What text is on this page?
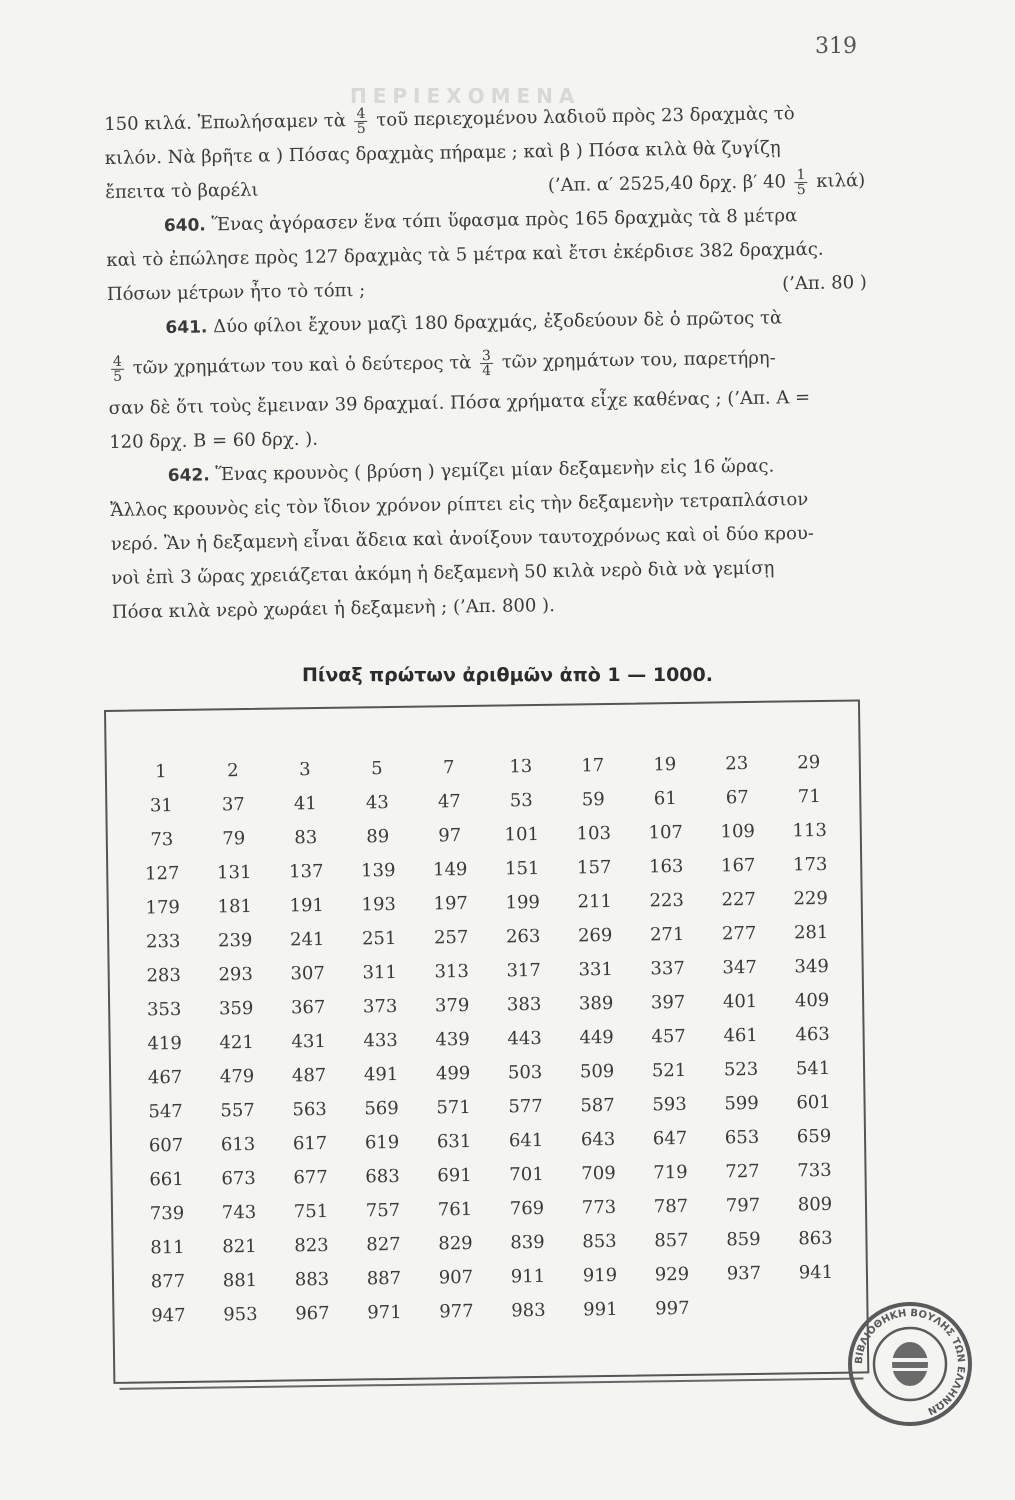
319
ΠΕΡΙΕΧΟΜΕΝΑ
150 κιλά. Ἐπωλήσαμεν τὰ $\frac{4}{5}$ τοῦ περιεχομένου λαδιοῦ πρὸς 23 δραχμὰς τὸ
κιλόν. Νὰ βρῆτε α ) Πόσας δραχμὰς πήραμε ; καὶ β ) Πόσα κιλὰ θὰ ζυγίζῃ
ἔπειτα τὸ βαρέλι	(’Απ. α′ 2525,40 δρχ. β′ $40 \frac{1}{5} \kappa\iota\lambda ά$)
640. Ἕνας ἀγόρασεν ἕνα τόπι ὕφασμα πρὸς 165 δραχμὰς τὰ 8 μέτρα
καὶ τὸ ἐπώλησε πρὸς 127 δραχμὰς τὰ 5 μέτρα καὶ ἔτσι ἐκέρδισε 382 δραχμάς.
Πόσων μέτρων ἦτο τὸ τόπι ;	(’Απ. 80 )
641. Δύο φίλοι ἔχουν μαζὶ 180 δραχμάς, ἐξοδεύουν δὲ ὁ πρῶτος τὰ
$\frac{4}{5}$ τῶν χρημάτων του καὶ ὁ δεύτερος τὰ $\frac{3}{4}$ τῶν χρημάτων του, παρετήρη-
σαν δὲ ὅτι τοὺς ἔμειναν 39 δραχμαί. Πόσα χρήματα εἶχε καθένας ; (’Απ. Α =
120 δρχ. Β = 60 δρχ. ).
642. Ἕνας κρουνὸς ( βρύση ) γεμίζει μίαν δεξαμενὴν εἰς 16 ὥρας.
Ἄλλος κρουνὸς εἰς τὸν ἴδιον χρόνον ρίπτει εἰς τὴν δεξαμενὴν τετραπλάσιον
νερό. Ἂν ἡ δεξαμενὴ εἶναι ἄδεια καὶ ἀνοίξουν ταυτοχρόνως καὶ οἱ δύο κρου-
νοὶ ἐπὶ 3 ὥρας χρειάζεται ἀκόμη ἡ δεξαμενὴ 50 κιλὰ νερὸ διὰ νὰ γεμίσῃ
Πόσα κιλὰ νερὸ χωράει ἡ δεξαμενὴ ; (’Απ. 800 ).
Πίναξ πρώτων ἀριθμῶν ἀπὸ 1 — 1000.
1	2	3	5	7	13	17	19	23	29
31	37	41	43	47	53	59	61	67	71
73	79	83	89	97	101	103	107	109	113
127	131	137	139	149	151	157	163	167	173
179	181	191	193	197	199	211	223	227	229
233	239	241	251	257	263	269	271	277	281
283	293	307	311	313	317	331	337	347	349
353	359	367	373	379	383	389	397	401	409
419	421	431	433	439	443	449	457	461	463
467	479	487	491	499	503	509	521	523	541
547	557	563	569	571	577	587	593	599	601
607	613	617	619	631	641	643	647	653	659
661	673	677	683	691	701	709	719	727	733
739	743	751	757	761	769	773	787	797	809
811	821	823	827	829	839	853	857	859	863
877	881	883	887	907	911	919	929	937	941
947	953	967	971	977	983	991	997
ΒΙΒΛΙΟΘΗΚΗ ΒΟΥΛΗΣ ΤΩΝ ΕΛΛΗΝΩΝ
